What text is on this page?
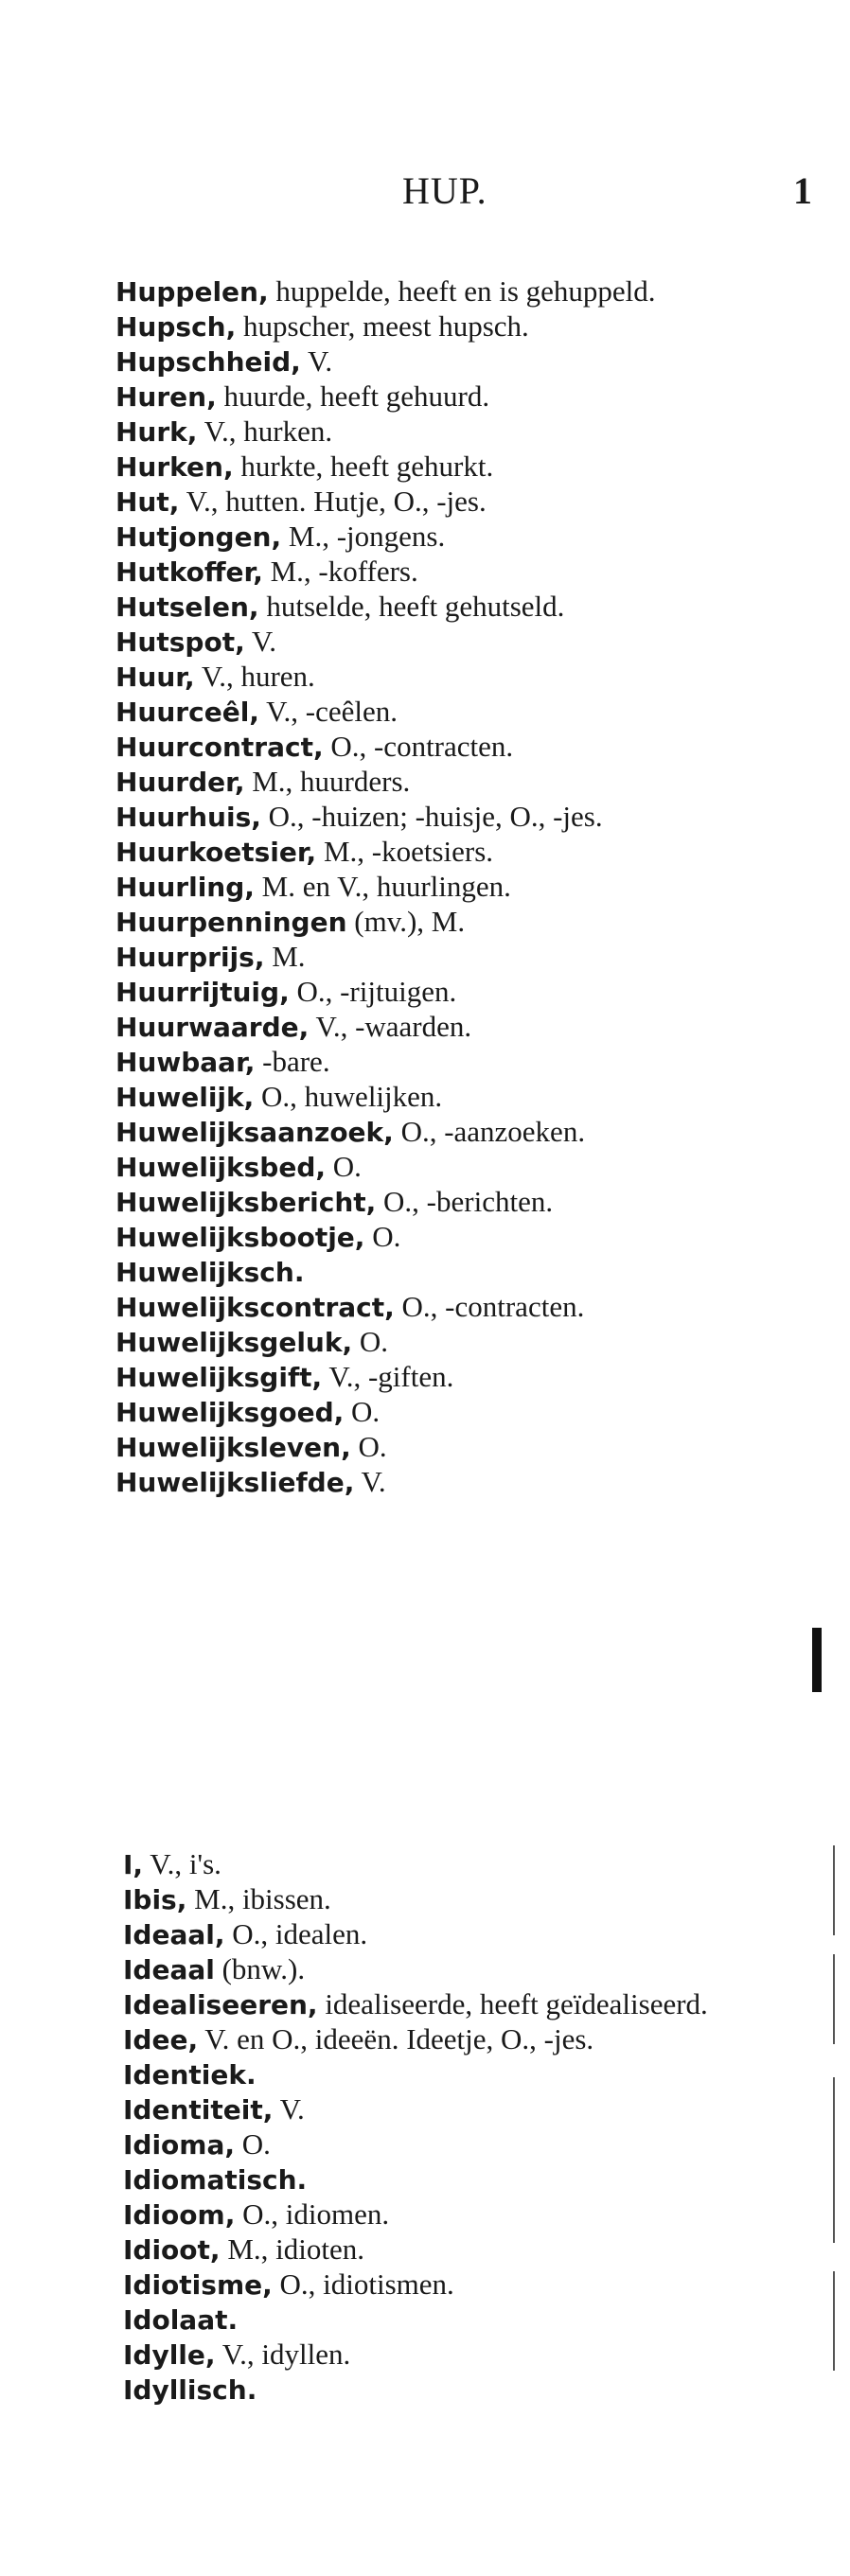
HUP.	1

Huppelen, huppelde, heeft en is gehuppeld.

Hupsch, hupscher, meest hupsch.

Hupschheid, V.

Huren, huurde, heeft gehuurd.

Hurk, V., hurken.

Hurken, hurkte, heeft gehurkt.

Hut, V., hutten. Hutje, O., -jes.

Hutjongen, M., -jongens.

Hutkoffer, M., -koffers.

Hutselen, hutselde, heeft gehutseld.

Hutspot, V.

Huur, V., huren.

Huurceêl, V., -ceêlen.

Huurcontract, O., -contracten.

Huurder, M., huurders.

Huurhuis, O., -huizen; -huisje, O., -jes.

Huurkoetsier, M., -koetsiers.

Huurling, M. en V., huurlingen.

Huurpenningen (mv.), M.

Huurprijs, M.

Huurrijtuig, O., -rijtuigen.

Huurwaarde, V., -waarden.

Huwbaar, -bare.

Huwelijk, O., huwelijken.

Huwelijksaanzoek, O., -aanzoeken.

Huwelijksbed, O.

Huwelijksbericht, O., -berichten.

Huwelijksbootje, O.

Huwelijksch.

Huwelijkscontract, O., -contracten.

Huwelijksgeluk, O.

Huwelijksgift, V., -giften.

Huwelijksgoed, O.

Huwelijksleven, O.

Huwelijksliefde, V.

I, V., i's.

Ibis, M., ibissen.

Ideaal, O., idealen.

Ideaal (bnw.).

Idealiseeren, idealiseerde, heeft geïdealiseerd.

Idee, V. en O., ideeën. Ideetje, O., -jes.

Identiek.

Identiteit, V.

Idioma, O.

Idiomatisch.

Idioom, O., idiomen.

Idioot, M., idioten.

Idiotisme, O., idiotismen.

Idolaat.

Idylle, V., idyllen.

Idyllisch.
